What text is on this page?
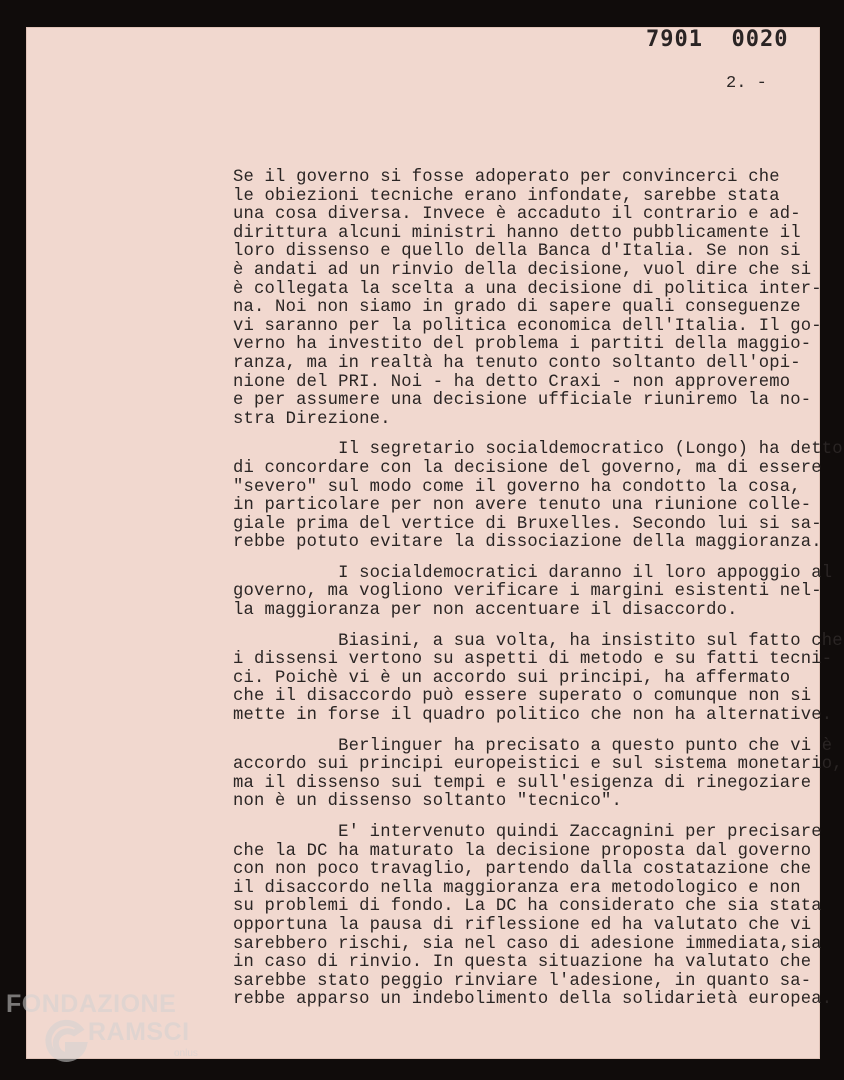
7901  0020
2. -
Se il governo si fosse adoperato per convincerci che
le obiezioni tecniche erano infondate, sarebbe stata
una cosa diversa. Invece è accaduto il contrario e ad-
dirittura alcuni ministri hanno detto pubblicamente il
loro dissenso e quello della Banca d'Italia. Se non si
è andati ad un rinvio della decisione, vuol dire che si
è collegata la scelta a una decisione di politica inter-
na. Noi non siamo in grado di sapere quali conseguenze
vi saranno per la politica economica dell'Italia. Il go-
verno ha investito del problema i partiti della maggio-
ranza, ma in realtà ha tenuto conto soltanto dell'opi-
nione del PRI. Noi - ha detto Craxi - non approveremo
e per assumere una decisione ufficiale riuniremo la no-
stra Direzione.
Il segretario socialdemocratico (Longo) ha detto
di concordare con la decisione del governo, ma di essere
"severo" sul modo come il governo ha condotto la cosa,
in particolare per non avere tenuto una riunione colle-
giale prima del vertice di Bruxelles. Secondo lui si sa-
rebbe potuto evitare la dissociazione della maggioranza.
I socialdemocratici daranno il loro appoggio al
governo, ma vogliono verificare i margini esistenti nel-
la maggioranza per non accentuare il disaccordo.
Biasini, a sua volta, ha insistito sul fatto che
i dissensi vertono su aspetti di metodo e su fatti tecni-
ci. Poichè vi è un accordo sui principi, ha affermato
che il disaccordo può essere superato o comunque non si
mette in forse il quadro politico che non ha alternative.
Berlinguer ha precisato a questo punto che vi è
accordo sui principi europeistici e sul sistema monetario,
ma il dissenso sui tempi e sull'esigenza di rinegoziare
non è un dissenso soltanto "tecnico".
E' intervenuto quindi Zaccagnini per precisare
che la DC ha maturato la decisione proposta dal governo
con non poco travaglio, partendo dalla costatazione che
il disaccordo nella maggioranza era metodologico e non
su problemi di fondo. La DC ha considerato che sia stata
opportuna la pausa di riflessione ed ha valutato che vi
sarebbero rischi, sia nel caso di adesione immediata,sia
in caso di rinvio. In questa situazione ha valutato che
sarebbe stato peggio rinviare l'adesione, in quanto sa-
rebbe apparso un indebolimento della solidarietà europea.
FONDAZIONE
RAMSCI
onlus
